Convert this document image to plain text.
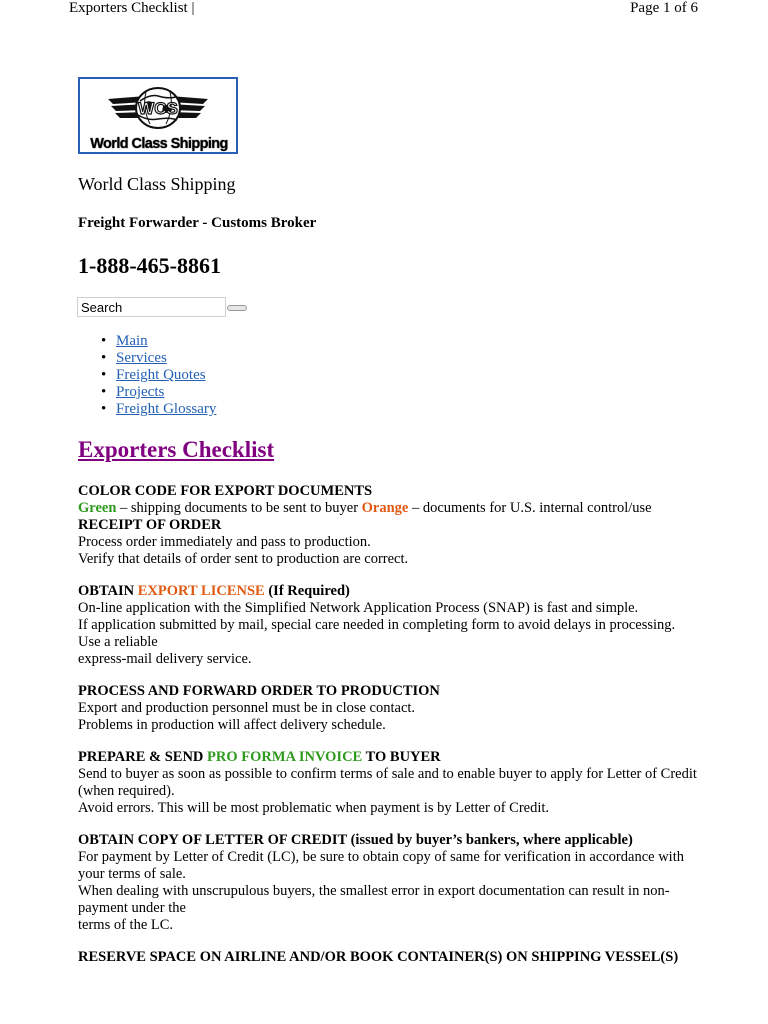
Exporters Checklist |	Page 1 of 6
WCS
World Class Shipping
World Class Shipping
Freight Forwarder - Customs Broker
1-888-465-8861
Search
• Main
• Services
• Freight Quotes
• Projects
• Freight Glossary
Exporters Checklist

COLOR CODE FOR EXPORT DOCUMENTS

Green – shipping documents to be sent to buyer Orange – documents for U.S. internal control/use

RECEIPT OF ORDER

Process order immediately and pass to production.

Verify that details of order sent to production are correct.

OBTAIN EXPORT LICENSE (If Required)

On-line application with the Simplified Network Application Process (SNAP) is fast and simple.

If application submitted by mail, special care needed in completing form to avoid delays in processing. Use a reliable

express-mail delivery service.

PROCESS AND FORWARD ORDER TO PRODUCTION

Export and production personnel must be in close contact.

Problems in production will affect delivery schedule.

PREPARE & SEND PRO FORMA INVOICE TO BUYER

Send to buyer as soon as possible to confirm terms of sale and to enable buyer to apply for Letter of Credit (when required).

Avoid errors. This will be most problematic when payment is by Letter of Credit.

OBTAIN COPY OF LETTER OF CREDIT (issued by buyer’s bankers, where applicable)

For payment by Letter of Credit (LC), be sure to obtain copy of same for verification in accordance with your terms of sale.

When dealing with unscrupulous buyers, the smallest error in export documentation can result in non-payment under the

terms of the LC.

RESERVE SPACE ON AIRLINE AND/OR BOOK CONTAINER(S) ON SHIPPING VESSEL(S)
